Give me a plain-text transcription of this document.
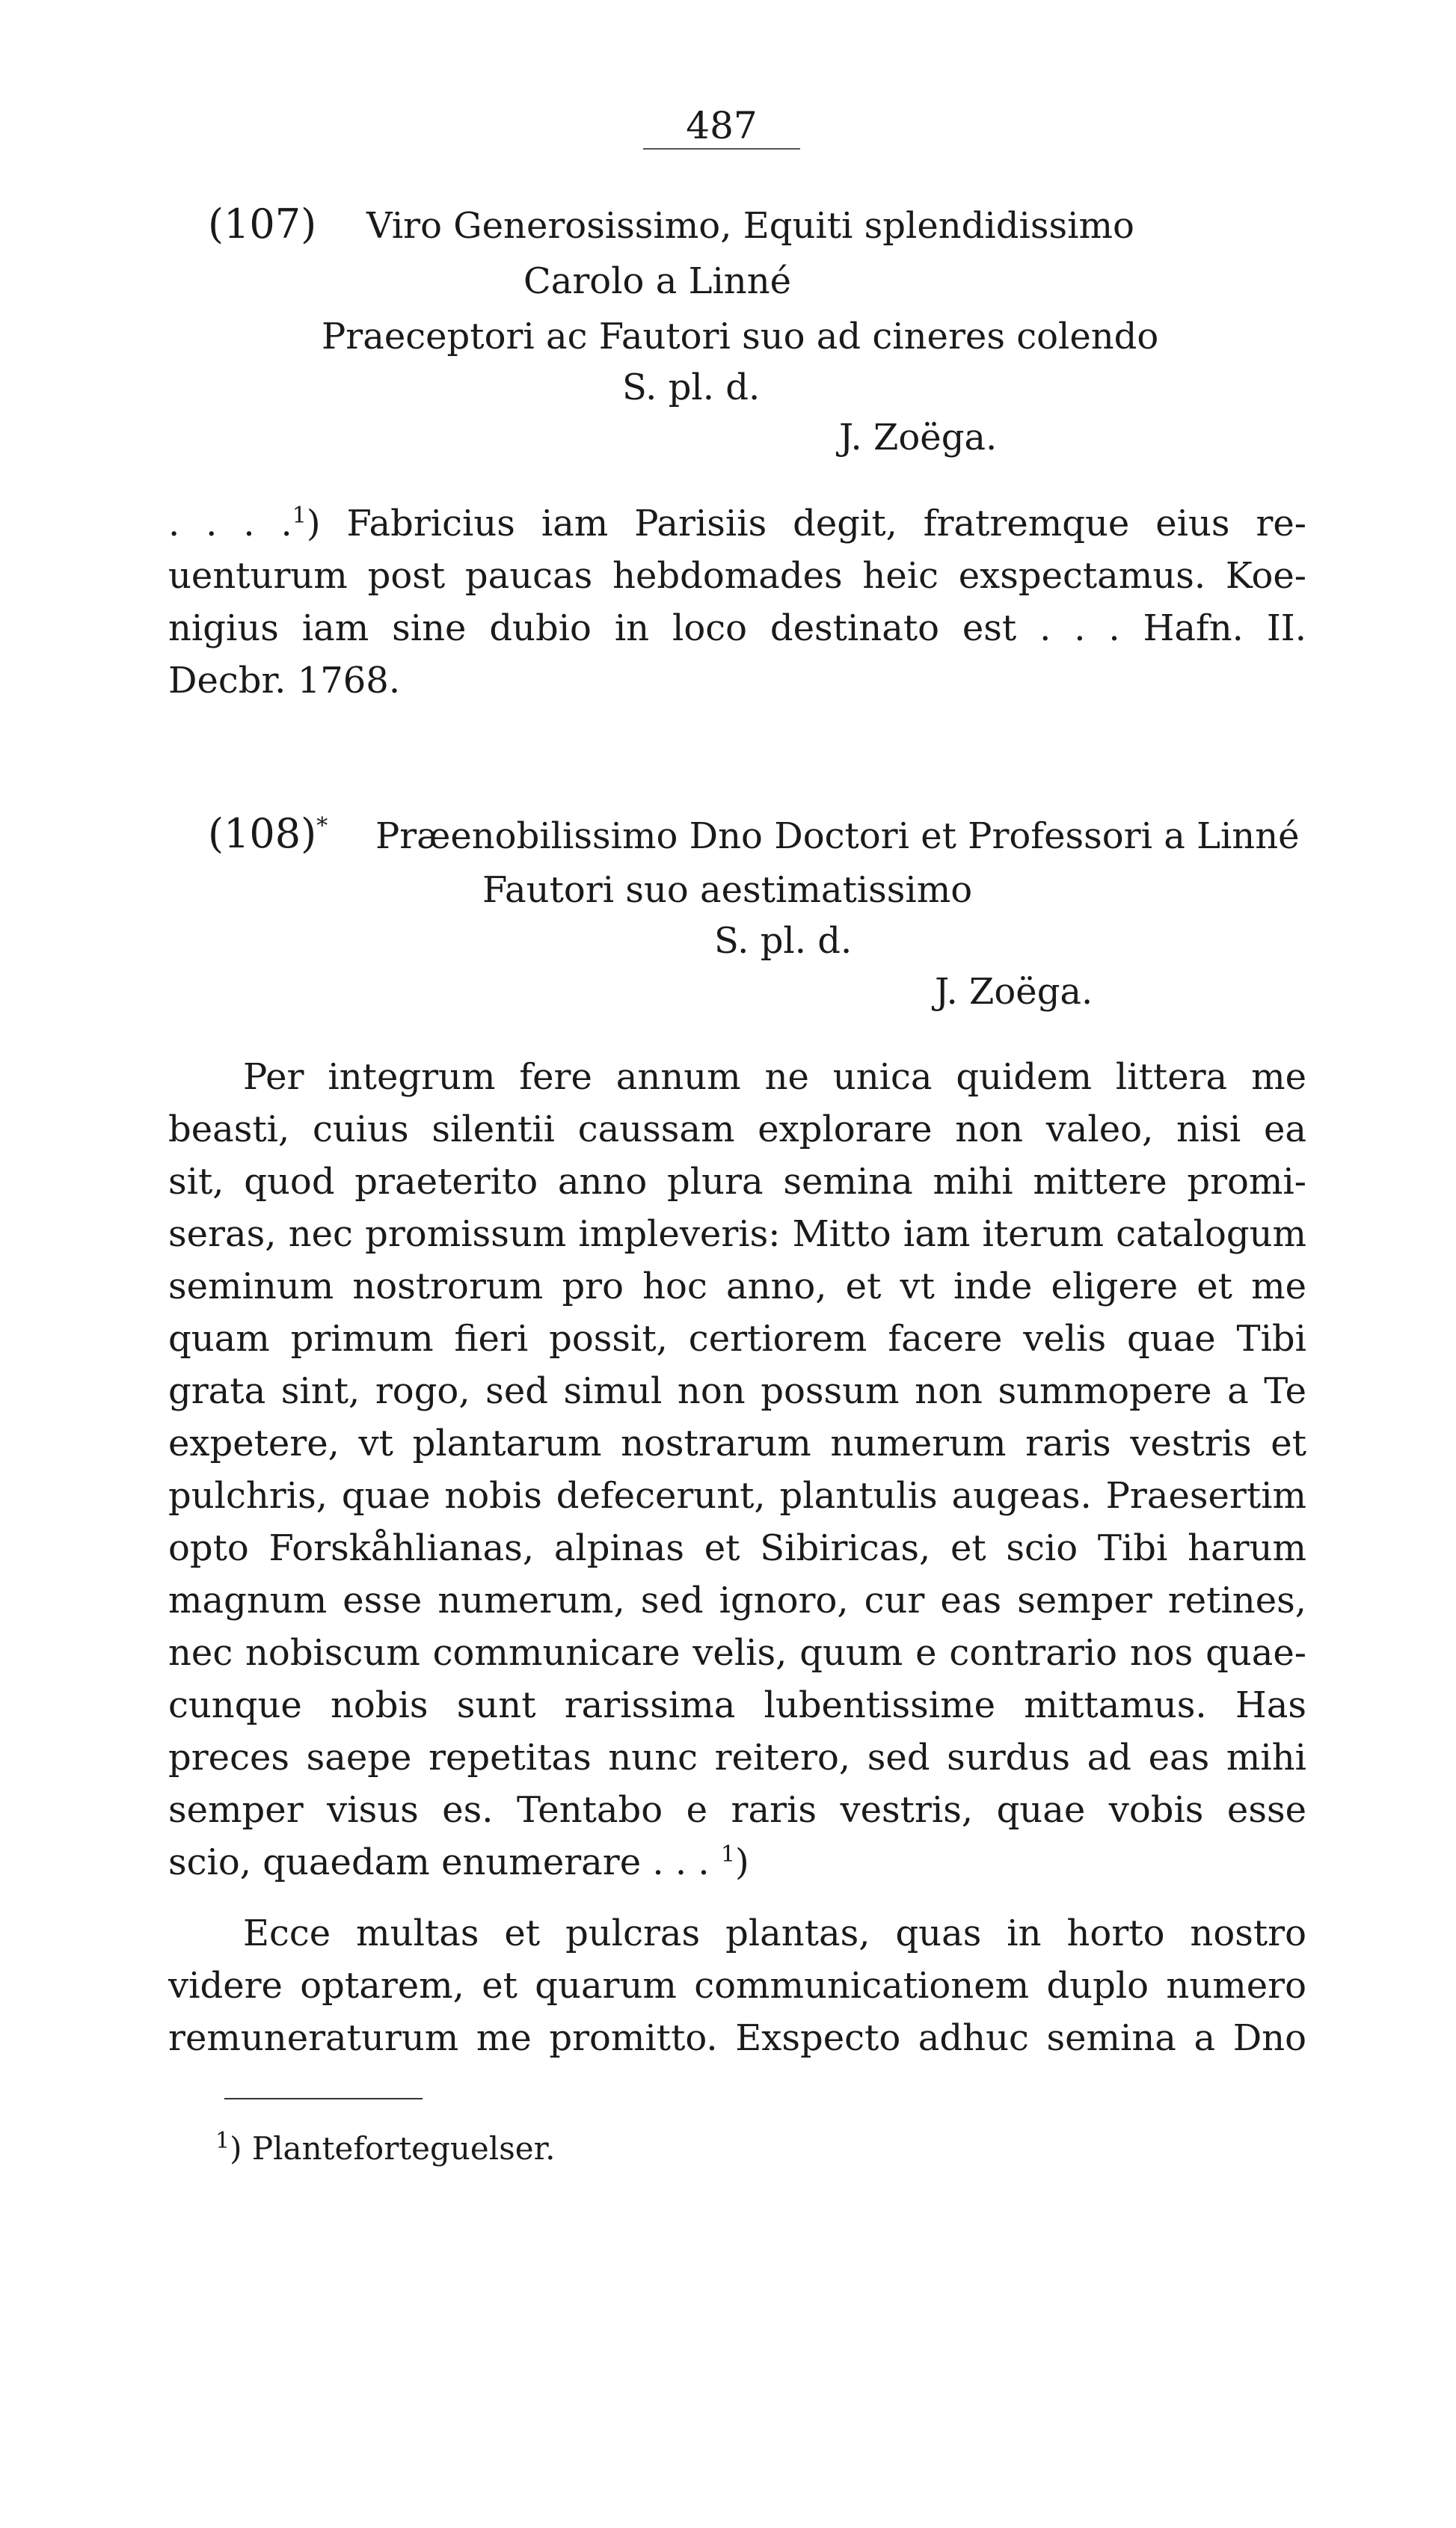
487
(107) Viro Generosissimo, Equiti splendidissimo
Carolo a Linné
Praeceptori ac Fautori suo ad cineres colendo
S. pl. d.
J. Zoëga.
. . . .$^1$) Fabricius iam Parisiis degit, fratremque eius re-
uenturum post paucas hebdomades heic exspectamus. Koe-
nigius iam sine dubio in loco destinato est . . . Hafn. II.
Decbr. 1768.
(108)* Præenobilissimo Dno Doctori et Professori a Linné
Fautori suo aestimatissimo
S. pl. d.
J. Zoëga.
Per integrum fere annum ne unica quidem littera me
beasti, cuius silentii caussam explorare non valeo, nisi ea
sit, quod praeterito anno plura semina mihi mittere promi-
seras, nec promissum impleveris: Mitto iam iterum catalogum
seminum nostrorum pro hoc anno, et vt inde eligere et me
quam primum fieri possit, certiorem facere velis quae Tibi
grata sint, rogo, sed simul non possum non summopere a Te
expetere, vt plantarum nostrarum numerum raris vestris et
pulchris, quae nobis defecerunt, plantulis augeas. Praesertim
opto Forskåhlianas, alpinas et Sibiricas, et scio Tibi harum
magnum esse numerum, sed ignoro, cur eas semper retines,
nec nobiscum communicare velis, quum e contrario nos quae-
cunque nobis sunt rarissima lubentissime mittamus. Has
preces saepe repetitas nunc reitero, sed surdus ad eas mihi
semper visus es. Tentabo e raris vestris, quae vobis esse
scio, quaedam enumerare . . . $^1$)
Ecce multas et pulcras plantas, quas in horto nostro
videre optarem, et quarum communicationem duplo numero
remuneraturum me promitto. Exspecto adhuc semina a Dno
$^1$) Planteforteguelser.
